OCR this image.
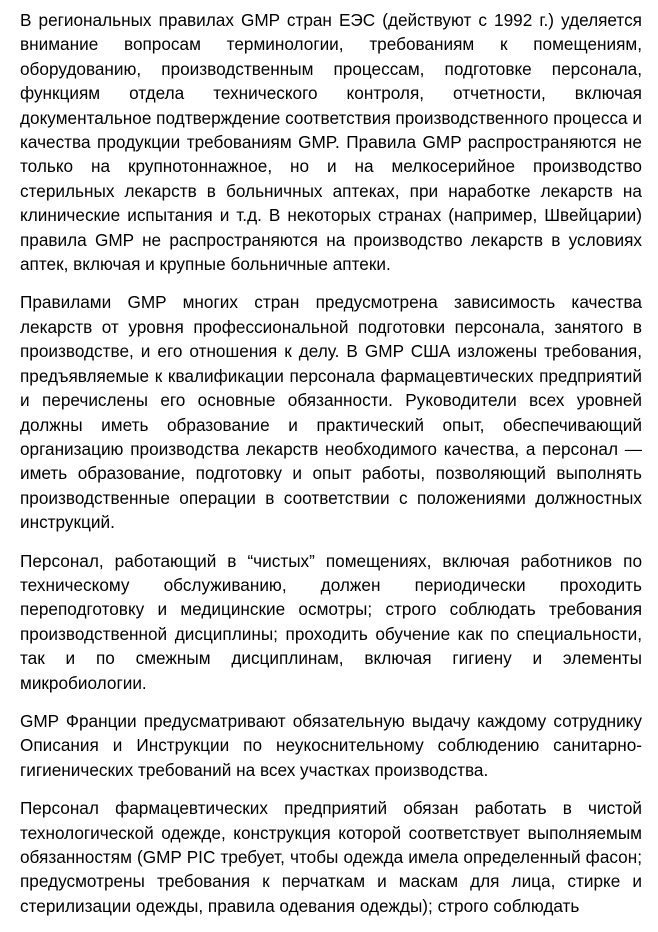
В региональных правилах GMP стран ЕЭС (действуют с 1992 г.) уделяется внимание вопросам терминологии, требованиям к помещениям, оборудованию, производственным процессам, подготовке персонала, функциям отдела технического контроля, отчетности, включая документальное подтверждение соответствия производственного процесса и качества продукции требованиям GMP. Правила GMP распространяются не только на крупнотоннажное, но и на мелкосерийное производство стерильных лекарств в больничных аптеках, при наработке лекарств на клинические испытания и т.д. В некоторых странах (например, Швейцарии) правила GMP не распространяются на производство лекарств в условиях аптек, включая и крупные больничные аптеки.

Правилами GMP многих стран предусмотрена зависимость качества лекарств от уровня профессиональной подготовки персонала, занятого в производстве, и его отношения к делу. В GMP США изложены требования, предъявляемые к квалификации персонала фармацевтических предприятий и перечислены его основные обязанности. Руководители всех уровней должны иметь образование и практический опыт, обеспечивающий организацию производства лекарств необходимого качества, а персонал — иметь образование, подготовку и опыт работы, позволяющий выполнять производственные операции в соответствии с положениями должностных инструкций.

Персонал, работающий в “чистых” помещениях, включая работников по техническому обслуживанию, должен периодически проходить переподготовку и медицинские осмотры; строго соблюдать требования производственной дисциплины; проходить обучение как по специальности, так и по смежным дисциплинам, включая гигиену и элементы микробиологии.

GMP Франции предусматривают обязательную выдачу каждому сотруднику Описания и Инструкции по неукоснительному соблюдению санитарно-гигиенических требований на всех участках производства.

Персонал фармацевтических предприятий обязан работать в чистой технологической одежде, конструкция которой соответствует выполняемым обязанностям (GMP PIC требует, чтобы одежда имела определенный фасон; предусмотрены требования к перчаткам и маскам для лица, стирке и стерилизации одежды, правила одевания одежды); строго соблюдать
